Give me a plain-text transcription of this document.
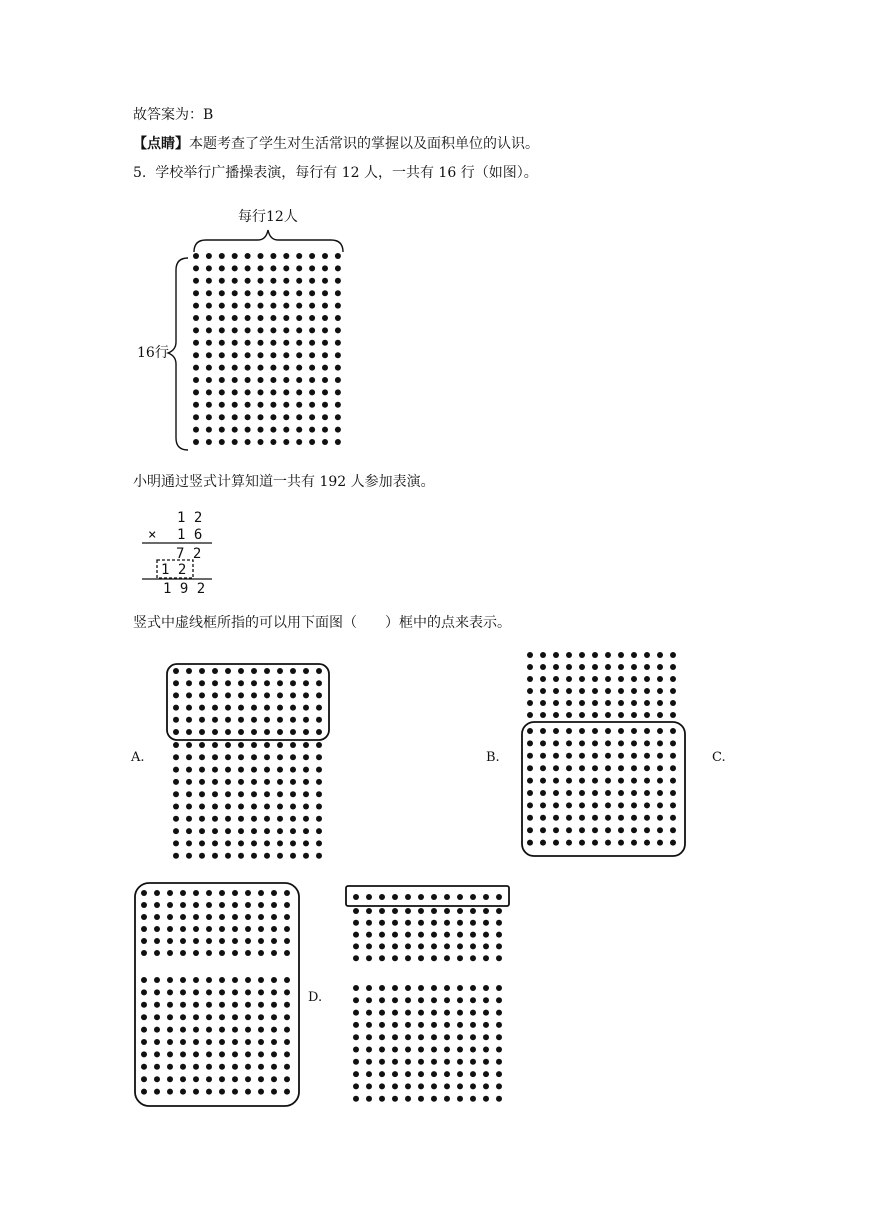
故答案为：B
【点睛】本题考查了学生对生活常识的掌握以及面积单位的认识。
5. 学校举行广播操表演，每行有 12 人，一共有 16 行（如图）。
每行12人
16行
小明通过竖式计算知道一共有 192 人参加表演。
1 2
× 1 6
7 2
1 2
1 9 2
竖式中虚线框所指的可以用下面图（　　）框中的点来表示。
A.	B.	C.
D.
